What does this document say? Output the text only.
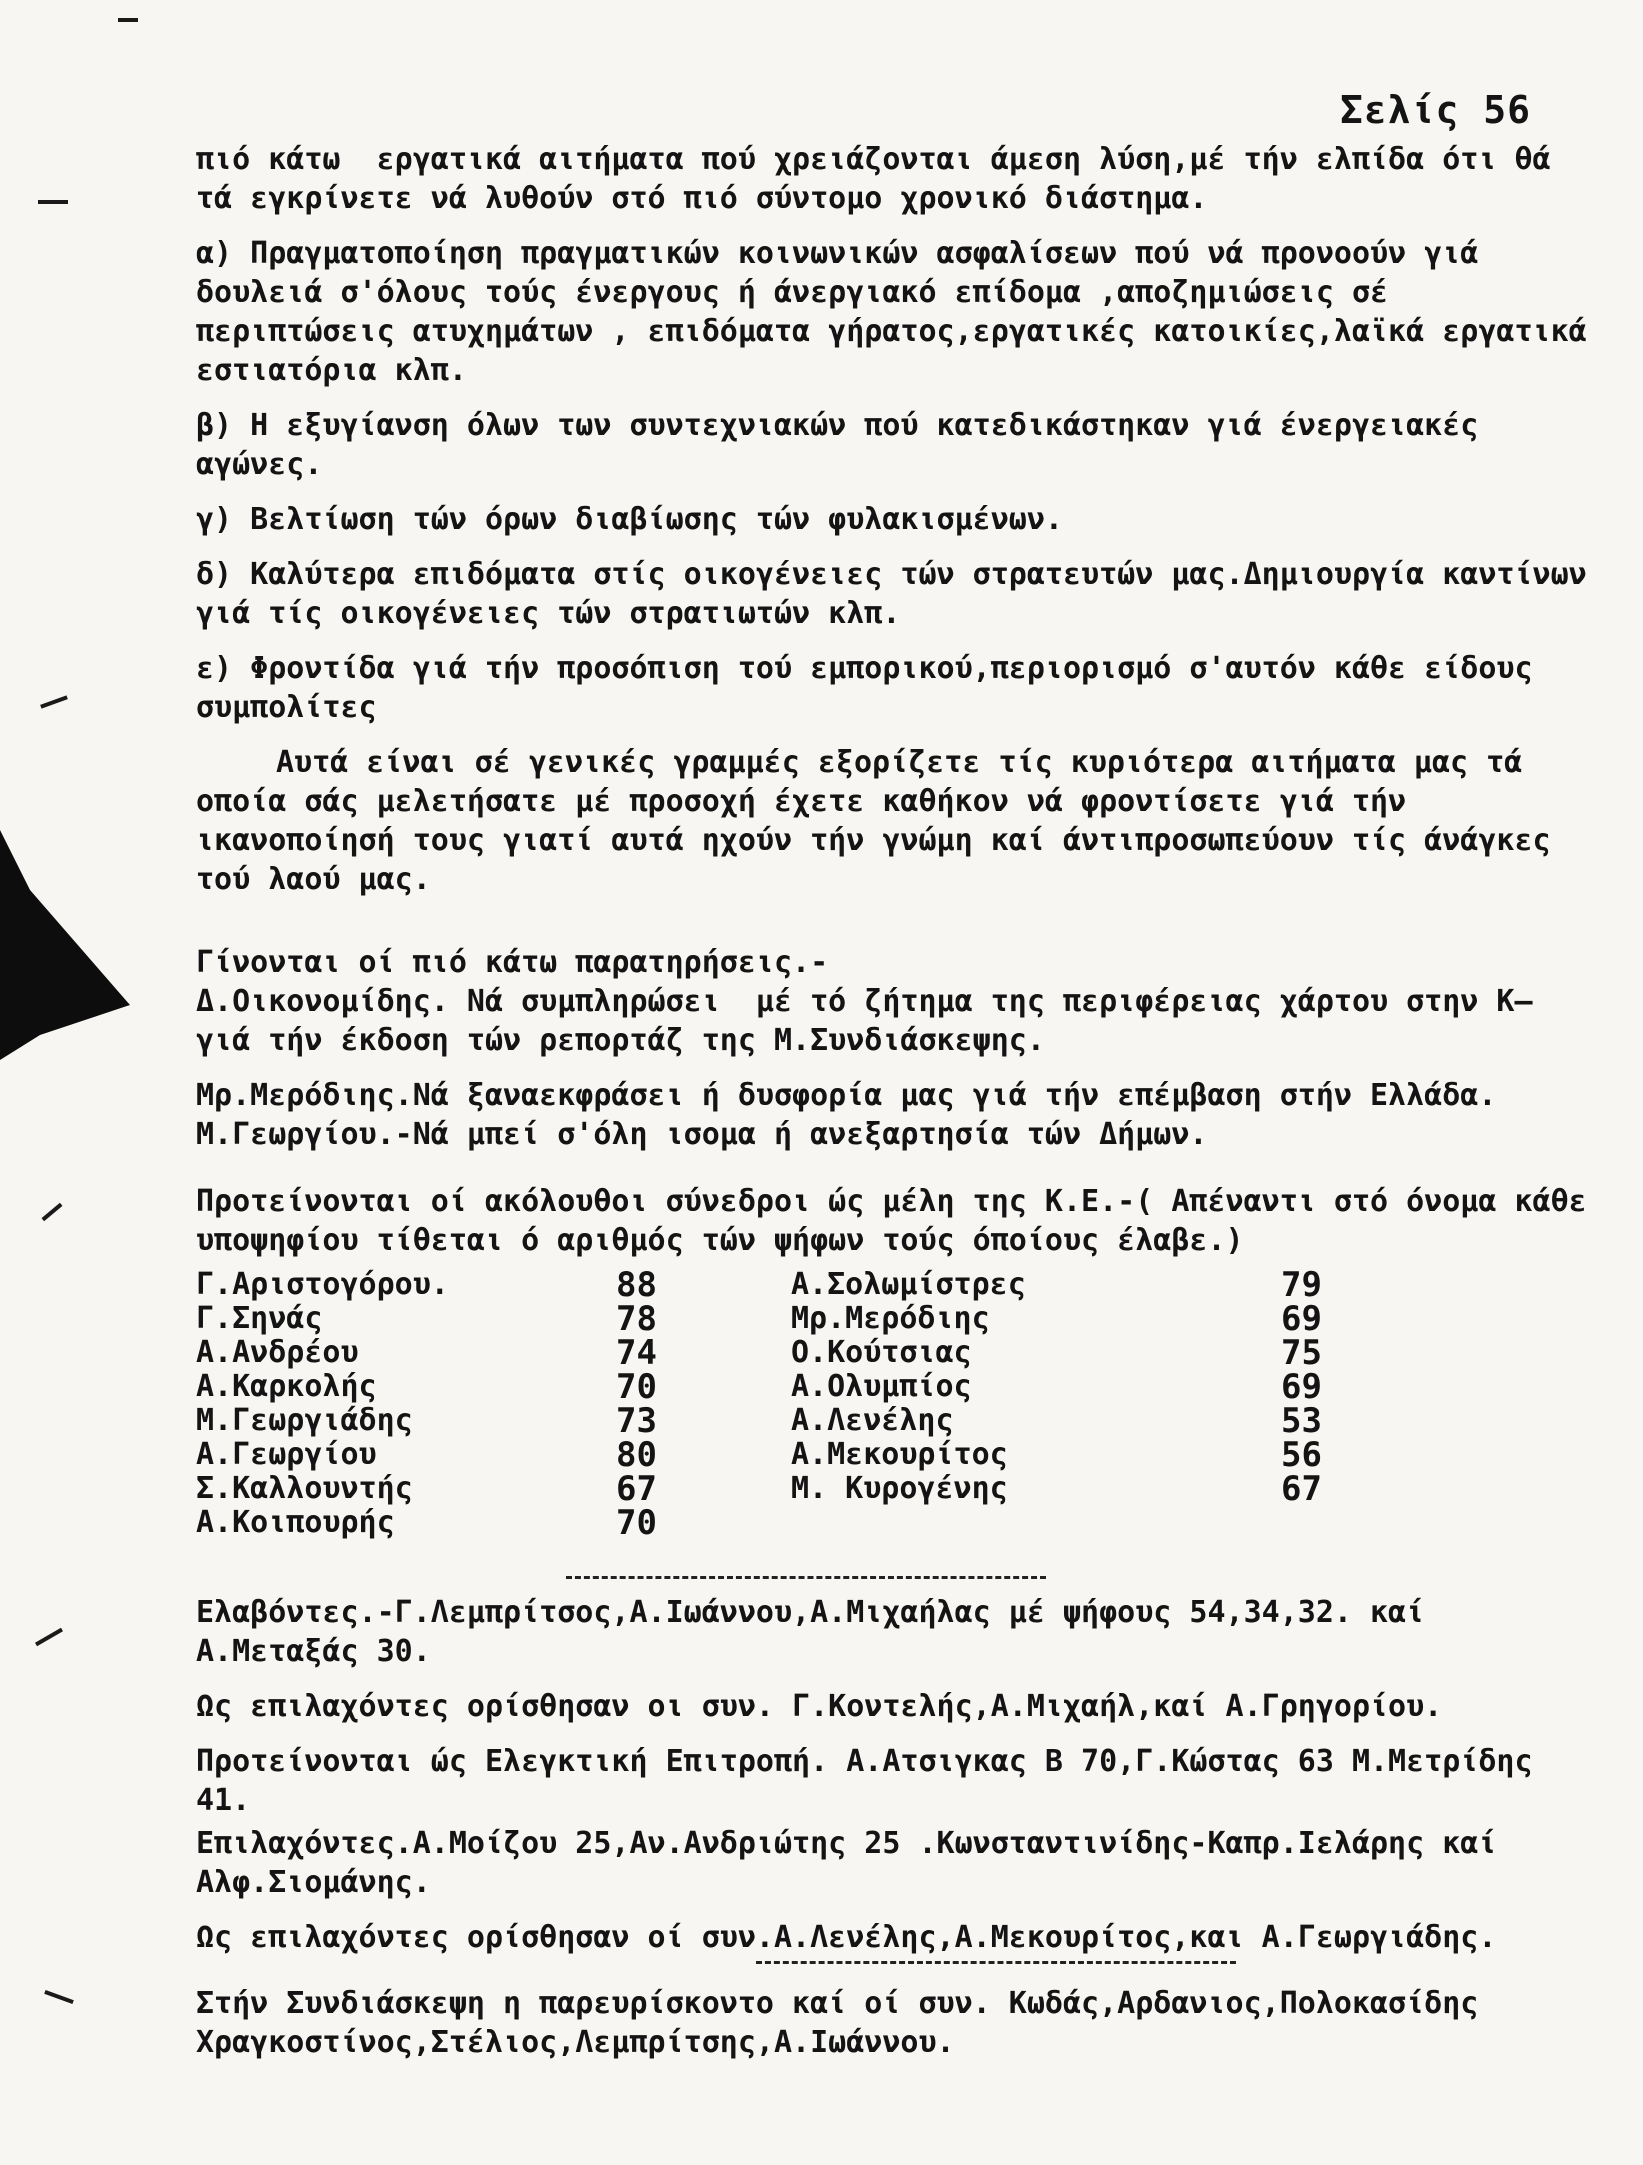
Σελίς 56

πιό κάτω  εργατικά αιτήματα πού χρειάζονται άμεση λύση,μέ τήν ελπίδα ότι θά τά εγκρίνετε νά λυθούν στό πιό σύντομο χρονικό διάστημα.

α) Πραγματοποίηση πραγματικών κοινωνικών ασφαλίσεων πού νά προνοούν γιά δουλειά σ'όλους τούς ένεργους ή άνεργιακό επίδομα ,αποζημιώσεις σέ περιπτώσεις ατυχημάτων , επιδόματα γήρατος,εργατικές κατοικίες,λαϊκά εργατικά εστιατόρια κλπ.

β) Η εξυγίανση όλων των συντεχνιακών πού κατεδικάστηκαν γιά ένεργειακές αγώνες.

γ) Βελτίωση τών όρων διαβίωσης τών φυλακισμένων.

δ) Καλύτερα επιδόματα στίς οικογένειες τών στρατευτών μας.Δημιουργία καντίνων γιά τίς οικογένειες τών στρατιωτών κλπ.

ε) Φροντίδα γιά τήν προσόπιση τού εμπορικού,περιορισμό σ'αυτόν κάθε είδους συμπολίτες

Αυτά είναι σέ γενικές γραμμές εξορίζετε τίς κυριότερα αιτήματα μας τά οποία σάς μελετήσατε μέ προσοχή έχετε καθήκον νά φροντίσετε γιά τήν ικανοποίησή τους γιατί αυτά ηχούν τήν γνώμη καί άντιπροσωπεύουν τίς άνάγκες τού λαού μας.

Γίνονται οί πιό κάτω παρατηρήσεις.-

Δ.Οικονομίδης. Νά συμπληρώσει  μέ τό ζήτημα της περιφέρειας χάρτου στην Κ— γιά τήν έκδοση τών ρεπορτάζ της Μ.Συνδιάσκεψης.

Μρ.Μερόδιης.Νά ξαναεκφράσει ή δυσφορία μας γιά τήν επέμβαση στήν Ελλάδα.

Μ.Γεωργίου.-Νά μπεί σ'όλη ισομα ή ανεξαρτησία τών Δήμων.

Προτείνονται οί ακόλουθοι σύνεδροι ώς μέλη της Κ.Ε.-( Απέναντι στό όνομα κάθε υποψηφίου τίθεται ό αριθμός τών ψήφων τούς όποίους έλαβε.)

Γ.Αριστογόρου.
Γ.Σηνάς
Α.Ανδρέου
Α.Καρκολής
Μ.Γεωργιάδης
Α.Γεωργίου
Σ.Καλλουντής
Α.Κοιπουρής
88
78
74
70
73
80
67
70
Α.Σολωμίστρες
Μρ.Μερόδιης
Ο.Κούτσιας
Α.Ολυμπίος
Α.Λενέλης
Α.Μεκουρίτος
Μ. Κυρογένης
79
69
75
69
53
56
67

Ελαβόντες.-Γ.Λεμπρίτσος,Α.Ιωάννου,Α.Μιχαήλας μέ ψήφους 54,34,32. καί Α.Μεταξάς 30.

Ως επιλαχόντες ορίσθησαν οι συν. Γ.Κοντελής,Α.Μιχαήλ,καί Α.Γρηγορίου.

Προτείνονται ώς Ελεγκτική Επιτροπή. Α.Ατσιγκας Β 70,Γ.Κώστας 63 Μ.Μετρίδης 41.

Επιλαχόντες.Α.Μοίζου 25,Αν.Ανδριώτης 25 .Κωνσταντινίδης-Καπρ.Ιελάρης καί Αλφ.Σιομάνης.

Ως επιλαχόντες ορίσθησαν οί συν.Α.Λενέλης,Α.Μεκουρίτος,και Α.Γεωργιάδης.

Στήν Συνδιάσκεψη η παρευρίσκοντο καί οί συν. Κωδάς,Αρδανιος,Πολοκασίδης Χραγκοστίνος,Στέλιος,Λεμπρίτσης,Α.Ιωάννου.
